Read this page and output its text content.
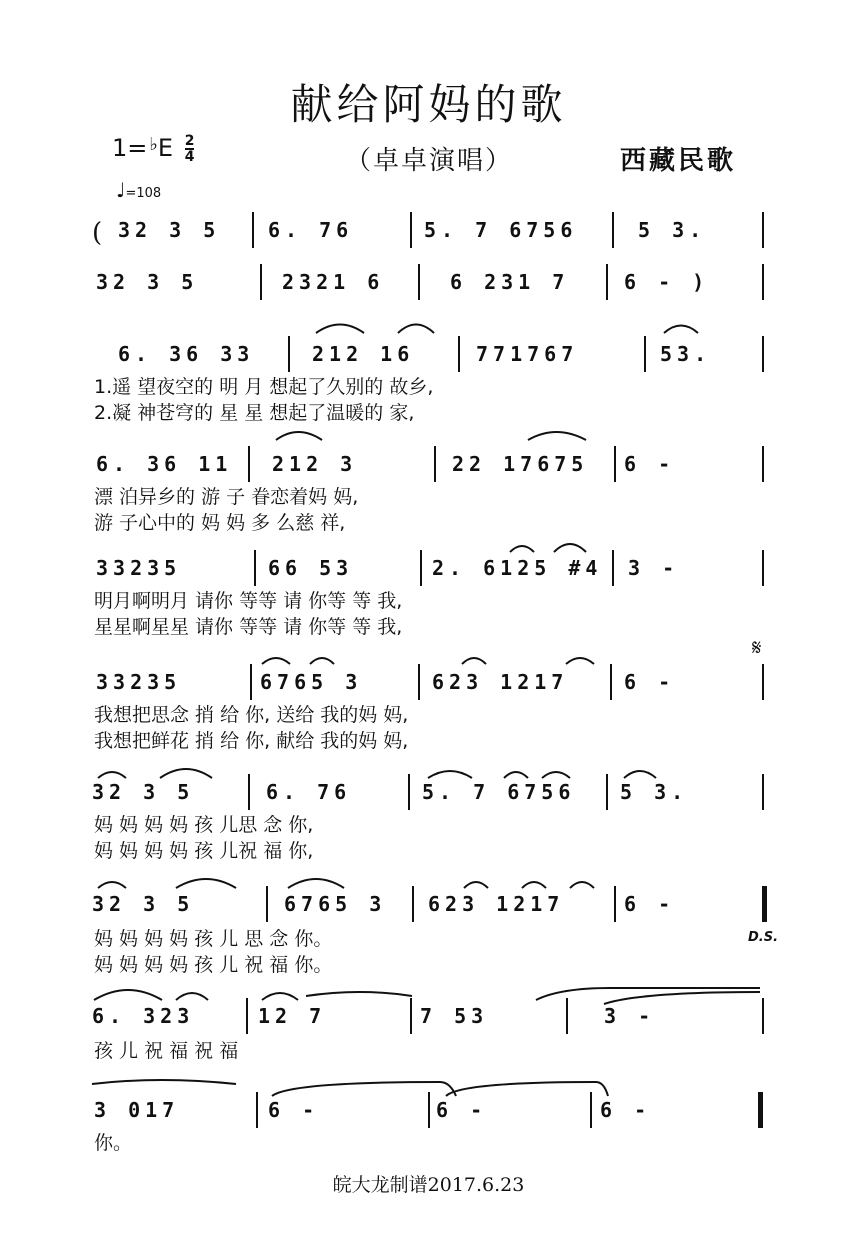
献给阿妈的歌
$1= ^♭E \frac{2}{4}$
♩=108
（卓卓演唱）	西藏民歌
(
𝄋
D.S.
32 3 5 6. 76	5. 7 6756	5 3.
32 3 5	2321 6	6 231 7	6 - )
6. 36 33	212 16	771767	53.
1.遥 望夜空的 明 月 想起了久别的 故乡,
2.凝 神苍穹的 星 星 想起了温暖的 家,
6. 36 11 212 3	22 17675 6 -
漂 泊异乡的 游 子 眷恋着妈 妈,
游 子心中的 妈 妈 多 么慈 祥,
33235	66 53	2. 6125 #4 3 -
明月啊明月 请你 等等 请 你等 等 我,
星星啊星星 请你 等等 请 你等 等 我,
33235	6765 3	623 1217	6 -
我想把思念 捎 给 你, 送给 我的妈 妈,
我想把鲜花 捎 给 你, 献给 我的妈 妈,
32 3 5	6. 76	5. 7 6756 5 3.
妈 妈 妈 妈 孩 儿思 念 你,
妈 妈 妈 妈 孩 儿祝 福 你,
32 3 5	6765 3 623 1217	6 -
妈 妈 妈 妈 孩 儿 思 念 你。
妈 妈 妈 妈 孩 儿 祝 福 你。
6. 323	12 7	7 53	3 -
孩 儿 祝 福 祝 福
3 017	6 -	6 -	6 -
你。
皖大龙制谱2017.6.23
